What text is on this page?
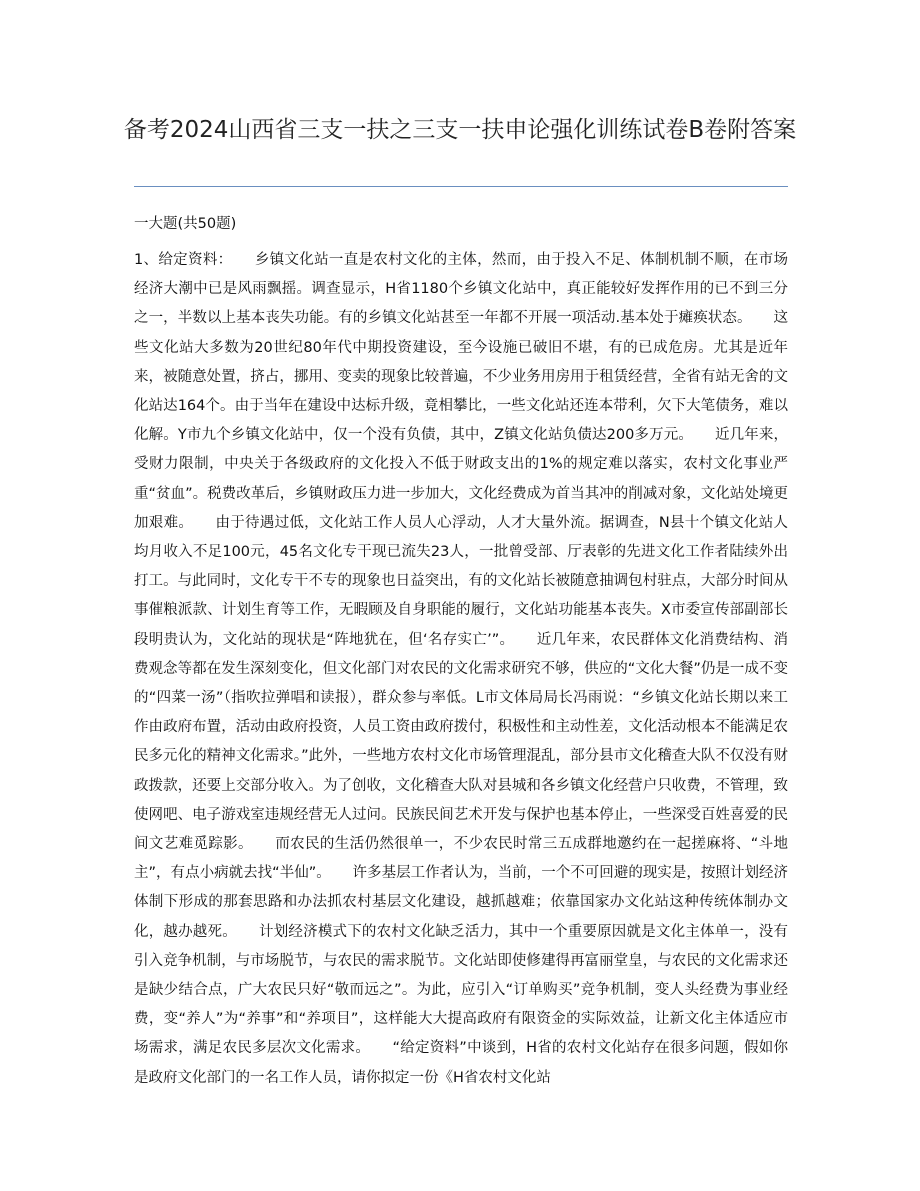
备考2024山西省三支一扶之三支一扶申论强化训练试卷B卷附答案
一大题(共50题)

1、给定资料：　　乡镇文化站一直是农村文化的主体，然而，由于投入不足、体制机制不顺，在市场经济大潮中已是风雨飘摇。调查显示，H省1180个乡镇文化站中，真正能较好发挥作用的已不到三分之一，半数以上基本丧失功能。有的乡镇文化站甚至一年都不开展一项活动.基本处于瘫痪状态。　　这些文化站大多数为20世纪80年代中期投资建设，至今设施已破旧不堪，有的已成危房。尤其是近年来，被随意处置，挤占，挪用、变卖的现象比较普遍，不少业务用房用于租赁经营，全省有站无舍的文化站达164个。由于当年在建设中达标升级，竟相攀比，一些文化站还连本带利，欠下大笔债务，难以化解。Y市九个乡镇文化站中，仅一个没有负债，其中，Z镇文化站负债达200多万元。　　近几年来，受财力限制，中央关于各级政府的文化投入不低于财政支出的1%的规定难以落实，农村文化事业严重“贫血”。税费改革后，乡镇财政压力进一步加大，文化经费成为首当其冲的削减对象，文化站处境更加艰难。　　由于待遇过低，文化站工作人员人心浮动，人才大量外流。据调查，N县十个镇文化站人均月收入不足100元，45名文化专干现已流失23人，一批曾受部、厅表彰的先进文化工作者陆续外出打工。与此同时，文化专干不专的现象也日益突出，有的文化站长被随意抽调包村驻点，大部分时间从事催粮派款、计划生育等工作，无暇顾及自身职能的履行，文化站功能基本丧失。X市委宣传部副部长段明贵认为，文化站的现状是“阵地犹在，但‘名存实亡’”。　　近几年来，农民群体文化消费结构、消费观念等都在发生深刻变化，但文化部门对农民的文化需求研究不够，供应的“文化大餐”仍是一成不变的“四菜一汤”（指吹拉弹唱和读报），群众参与率低。L市文体局局长冯雨说：“乡镇文化站长期以来工作由政府布置，活动由政府投资，人员工资由政府拨付，积极性和主动性差，文化活动根本不能满足农民多元化的精神文化需求。”此外，一些地方农村文化市场管理混乱，部分县市文化稽查大队不仅没有财政拨款，还要上交部分收入。为了创收，文化稽查大队对县城和各乡镇文化经营户只收费，不管理，致使网吧、电子游戏室违规经营无人过问。民族民间艺术开发与保护也基本停止，一些深受百姓喜爱的民间文艺难觅踪影。　　而农民的生活仍然很单一，不少农民时常三五成群地邀约在一起搓麻将、“斗地主”，有点小病就去找“半仙”。　　许多基层工作者认为，当前，一个不可回避的现实是，按照计划经济体制下形成的那套思路和办法抓农村基层文化建设，越抓越难；依靠国家办文化站这种传统体制办文化，越办越死。　　计划经济模式下的农村文化缺乏活力，其中一个重要原因就是文化主体单一，没有引入竞争机制，与市场脱节，与农民的需求脱节。文化站即使修建得再富丽堂皇，与农民的文化需求还是缺少结合点，广大农民只好“敬而远之”。为此，应引入“订单购买”竞争机制，变人头经费为事业经费，变“养人”为“养事”和“养项目”，这样能大大提高政府有限资金的实际效益，让新文化主体适应市场需求，满足农民多层次文化需求。　　“给定资料”中谈到，H省的农村文化站存在很多问题，假如你是政府文化部门的一名工作人员，请你拟定一份《H省农村文化站
